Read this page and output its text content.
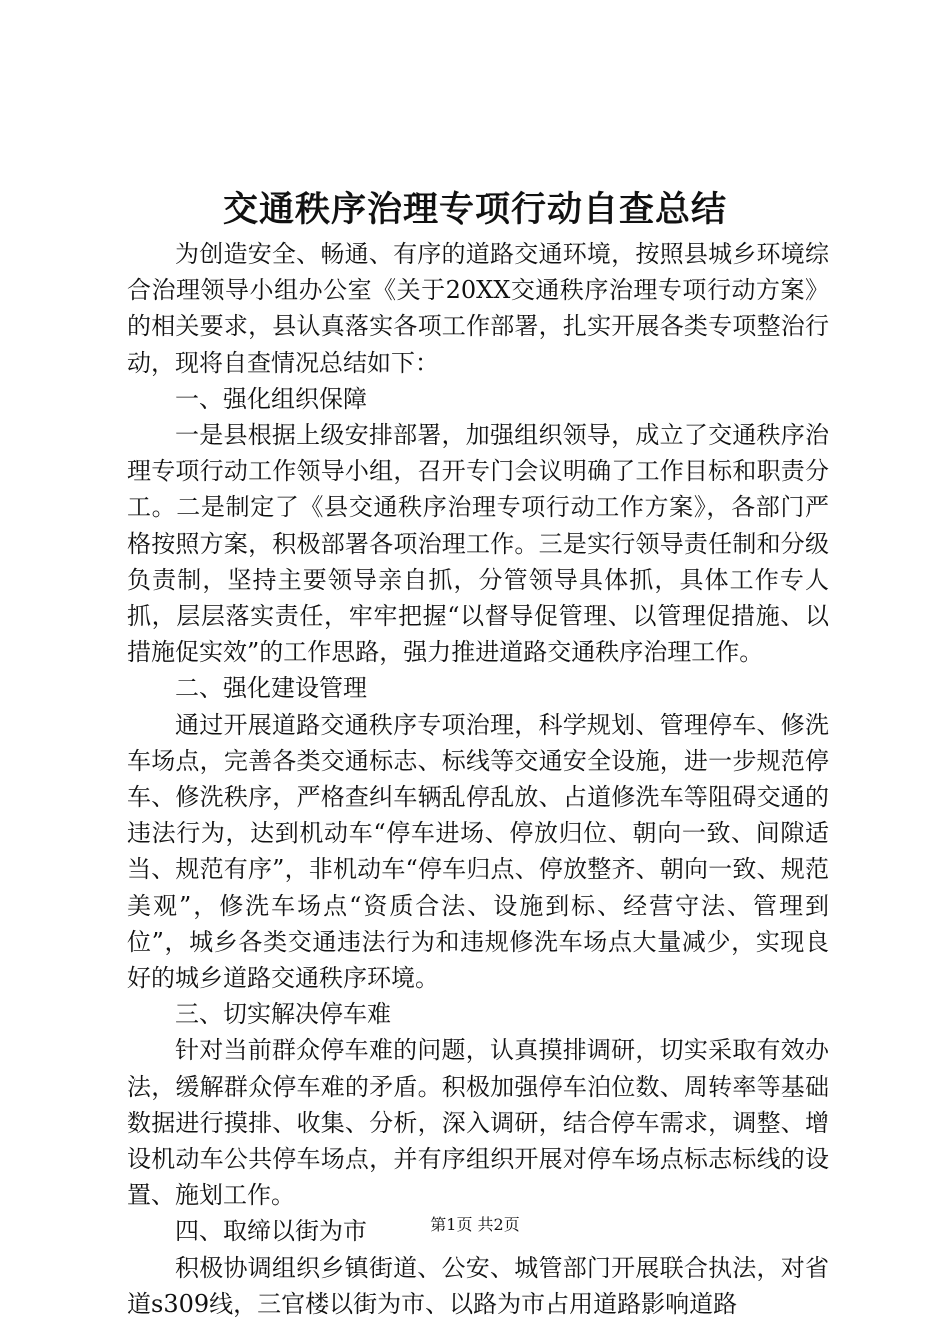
交通秩序治理专项行动自查总结

为创造安全、畅通、有序的道路交通环境，按照县城乡环境综合治理领导小组办公室《关于20XX交通秩序治理专项行动方案》的相关要求，县认真落实各项工作部署，扎实开展各类专项整治行动，现将自查情况总结如下：

一、强化组织保障

一是县根据上级安排部署，加强组织领导，成立了交通秩序治理专项行动工作领导小组，召开专门会议明确了工作目标和职责分工。二是制定了《县交通秩序治理专项行动工作方案》，各部门严格按照方案，积极部署各项治理工作。三是实行领导责任制和分级负责制，坚持主要领导亲自抓，分管领导具体抓，具体工作专人抓，层层落实责任，牢牢把握“以督导促管理、以管理促措施、以措施促实效”的工作思路，强力推进道路交通秩序治理工作。

二、强化建设管理

通过开展道路交通秩序专项治理，科学规划、管理停车、修洗车场点，完善各类交通标志、标线等交通安全设施，进一步规范停车、修洗秩序，严格查纠车辆乱停乱放、占道修洗车等阻碍交通的违法行为，达到机动车“停车进场、停放归位、朝向一致、间隙适当、规范有序”，非机动车“停车归点、停放整齐、朝向一致、规范美观”，修洗车场点“资质合法、设施到标、经营守法、管理到位”，城乡各类交通违法行为和违规修洗车场点大量减少，实现良好的城乡道路交通秩序环境。

三、切实解决停车难

针对当前群众停车难的问题，认真摸排调研，切实采取有效办法，缓解群众停车难的矛盾。积极加强停车泊位数、周转率等基础数据进行摸排、收集、分析，深入调研，结合停车需求，调整、增设机动车公共停车场点，并有序组织开展对停车场点标志标线的设置、施划工作。

四、取缔以街为市

积极协调组织乡镇街道、公安、城管部门开展联合执法，对省道s309线，三官楼以街为市、以路为市占用道路影响道路

第1页 共2页
